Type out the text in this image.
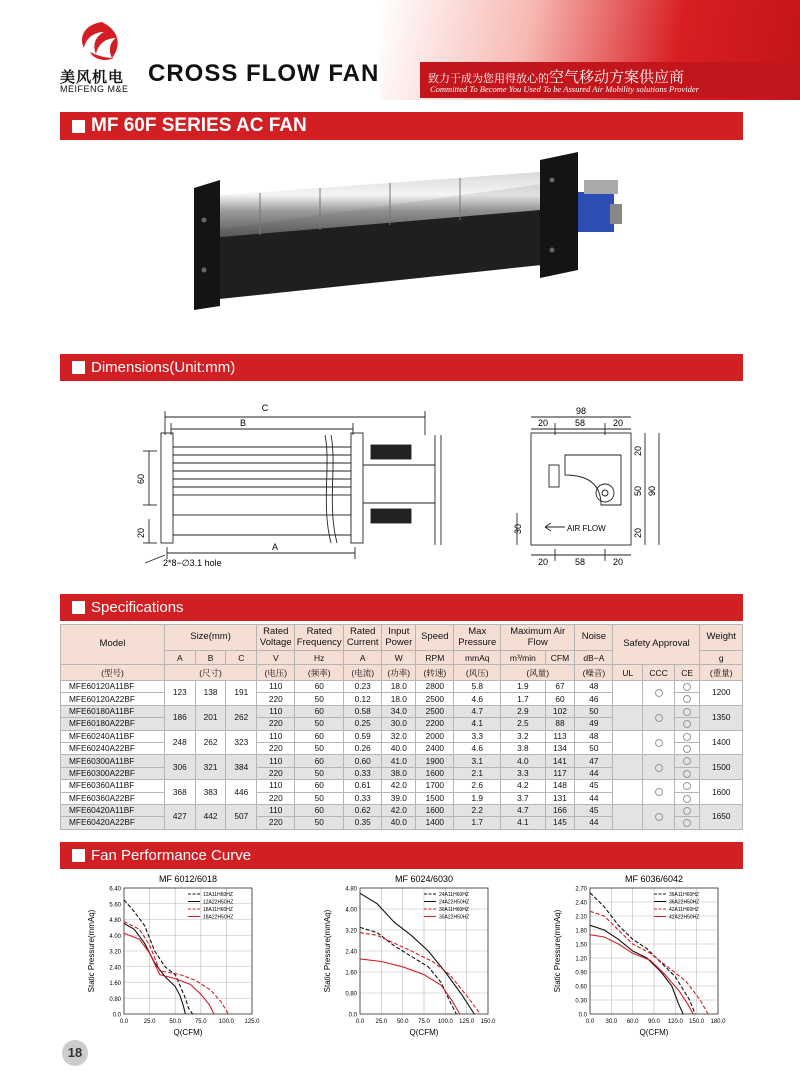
美风机电
MEIFENG M&E
CROSS FLOW FAN	致力于成为您用得放心的空气移动方案供应商
Committed To Become You Used To be Assured Air Mobility solutions Provider
MF 60F SERIES AC FAN
Dimensions(Unit:mm)
C
B
A
60
20
2*8−∅3.1 hole
98
20	58	20
20
50 90
30	20
20	58	20
AIR FLOW
Specifications
Model	Size(mm)			Rated Voltage	Rated Frequency	Rated Current	Input Power	Speed	Max Pressure	Maximum Air Flow		Noise	Safety Approval			Weight
	A	B	C	V	Hz	A	W	RPM	mmAq	m³/min	CFM	dB−A				g
(型号)	(尺寸)			(电压)	(频率)	(电流)	(功率)	(转速)	(风压)	(风量)		(噪音)	UL	CCC	CE	(重量)
MFE60120A11BF	123	138	191	110	60	0.23	18.0	2800	5.8	1.9	67	48				1200
MFE60120A22BF				220	50	0.12	18.0	2500	4.6	1.7	60	46				
MFE60180A11BF	186	201	262	110	60	0.58	34.0	2500	4.7	2.9	102	50				1350
MFE60180A22BF				220	50	0.25	30.0	2200	4.1	2.5	88	49				
MFE60240A11BF	248	262	323	110	60	0.59	32.0	2000	3.3	3.2	113	48				1400
MFE60240A22BF				220	50	0.26	40.0	2400	4.6	3.8	134	50				
MFE60300A11BF	306	321	384	110	60	0.60	41.0	1900	3.1	4.0	141	47				1500
MFE60300A22BF				220	50	0.33	38.0	1600	2.1	3.3	117	44				
MFE60360A11BF	368	383	446	110	60	0.61	42.0	1700	2.6	4.2	148	45				1600
MFE60360A22BF				220	50	0.33	39.0	1500	1.9	3.7	131	44				
MFE60420A11BF	427	442	507	110	60	0.62	42.0	1600	2.2	4.7	166	45				1650
MFE60420A22BF				220	50	0.35	40.0	1400	1.7	4.1	145	44				
Fan Performance Curve
MF 6012/6018
0.0
0.80
1.60
2.40
3.20
4.00
4.80
5.60
6.40
0.0	25.0 50.0 75.0 100.0 125.0
Q(CFM)
Static Pressure(mmAq)
12A11H60HZ
12A22H50HZ
18A11H60HZ
18A22H50HZ
MF 6024/6030
0.0
0.80
1.60
2.40
3.20
4.00
4.80
0.0 25.0 50.0 75.0 100.0 125.0 150.0
Q(CFM)
Static Pressure(mmAq)
24A11H60HZ
24A22H50HZ
30A11H60HZ
30A22H50HZ
MF 6036/6042
0.0
0.30
0.60
0.90
1.20
1.50
1.80
2.10
2.40
2.70
0.0 30.0 60.0 90.0 120.0 150.0 180.0
Q(CFM)
Static Pressure(mmAq)
36A11H60HZ
36A22H50HZ
42A11H60HZ
42A22H50HZ
18
